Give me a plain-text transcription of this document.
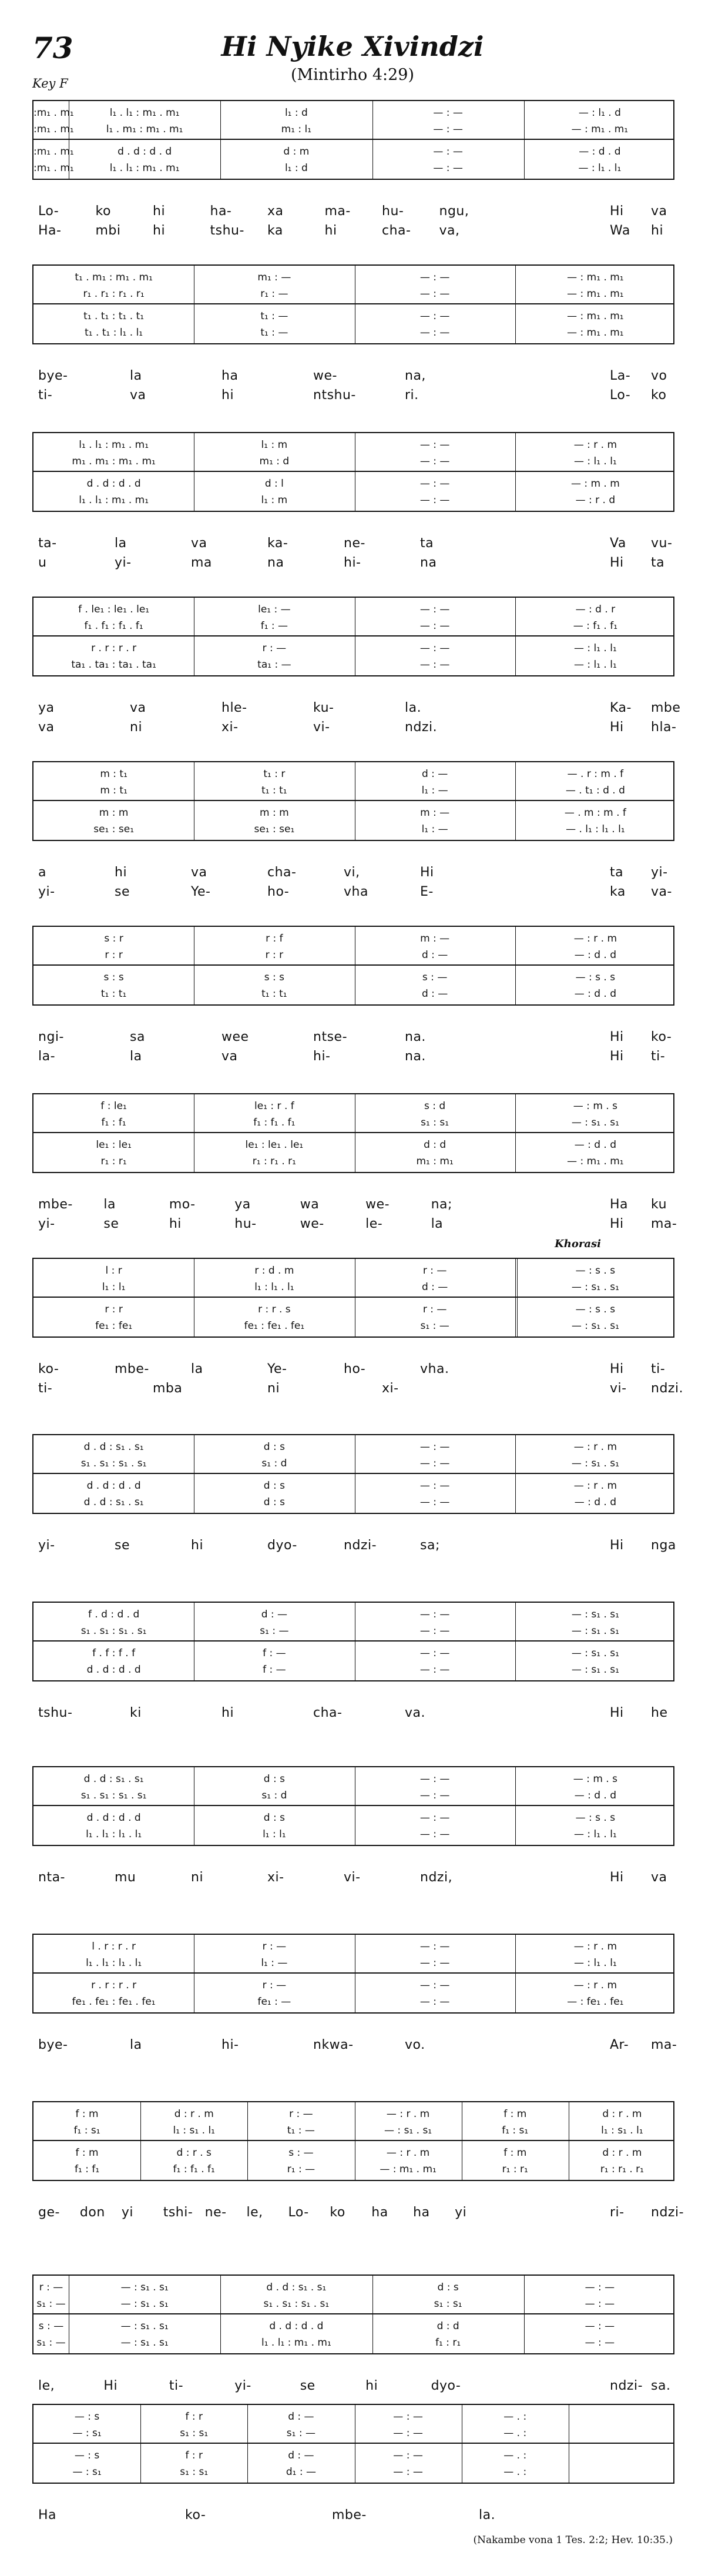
73	Hi Nyike Xivindzi
(Mintirho 4:29)
Key F
:m₁ . m₁	l₁ . l₁ : m₁ . m₁	l₁ : d	— : —	— : l₁ . d
:m₁ . m₁	l₁ . m₁ : m₁ . m₁	m₁ : l₁	— : —	— : m₁ . m₁
:m₁ . m₁	d . d : d . d	d : m	— : —	— : d . d
:m₁ . m₁	l₁ . l₁ : m₁ . m₁	l₁ : d	— : —	— : l₁ . l₁
Lo-	ko	hi	ha-	xa	ma- hu-	ngu,	Hi va
Ha-	mbi hi	tshu- ka	hi	cha- va,	Wa hi
t₁ . m₁ : m₁ . m₁	m₁ : —	— : —	— : m₁ . m₁
r₁ . r₁ : r₁ . r₁	r₁ : —	— : —	— : m₁ . m₁
t₁ . t₁ : t₁ . t₁	t₁ : —	— : —	— : m₁ . m₁
t₁ . t₁ : l₁ . l₁	t₁ : —	— : —	— : m₁ . m₁
bye-	la	ha	we-	na,	La- vo
ti-	va	hi	ntshu-	ri.	Lo- ko
l₁ . l₁ : m₁ . m₁	l₁ : m	— : —	— : r . m
m₁ . m₁ : m₁ . m₁	m₁ : d	— : —	— : l₁ . l₁
d . d : d . d	d : l	— : —	— : m . m
l₁ . l₁ : m₁ . m₁	l₁ : m	— : —	— : r . d
ta-	la	va	ka-	ne-	ta	Va vu-
u	yi-	ma	na	hi-	na	Hi ta
f . le₁ : le₁ . le₁	le₁ : —	— : —	— : d . r
f₁ . f₁ : f₁ . f₁	f₁ : —	— : —	— : f₁ . f₁
r . r : r . r	r : —	— : —	— : l₁ . l₁
ta₁ . ta₁ : ta₁ . ta₁	ta₁ : —	— : —	— : l₁ . l₁
ya	va	hle-	ku-	la.	Ka- mbe
va	ni	xi-	vi-	ndzi.	Hi hla-
m : t₁	t₁ : r	d : —	— . r : m . f
m : t₁	t₁ : t₁	l₁ : —	— . t₁ : d . d
m : m	m : m	m : —	— . m : m . f
se₁ : se₁	se₁ : se₁	l₁ : —	— . l₁ : l₁ . l₁
a	hi	va	cha-	vi,	Hi	ta yi-
yi-	se	Ye-	ho-	vha	E-	ka va-
s : r	r : f	m : —	— : r . m
r : r	r : r	d : —	— : d . d
s : s	s : s	s : —	— : s . s
t₁ : t₁	t₁ : t₁	d : —	— : d . d
ngi-	sa	wee	ntse-	na.	Hi ko-
la-	la	va	hi-	na.	Hi ti-
f : le₁	le₁ : r . f	s : d	— : m . s
f₁ : f₁	f₁ : f₁ . f₁	s₁ : s₁	— : s₁ . s₁
le₁ : le₁	le₁ : le₁ . le₁	d : d	— : d . d
r₁ : r₁	r₁ : r₁ . r₁	m₁ : m₁	— : m₁ . m₁
mbe- la	mo-	ya	wa	we-	na;	Ha ku
yi-	se	hi	hu-	we-	le-	la	Hi ma-
l : r	r : d . m	r : —	— : s . s
l₁ : l₁	l₁ : l₁ . l₁	d : —	— : s₁ . s₁
r : r	r : r . s	r : —	— : s . s
fe₁ : fe₁	fe₁ : fe₁ . fe₁	s₁ : —	— : s₁ . s₁
Khorasi
ko-	mbe-	la	Ye-	ho-	vha.	Hi ti-
ti-	mba	ni	xi-	vi- ndzi.
d . d : s₁ . s₁	d : s	— : —	— : r . m
s₁ . s₁ : s₁ . s₁	s₁ : d	— : —	— : s₁ . s₁
d . d : d . d	d : s	— : —	— : r . m
d . d : s₁ . s₁	d : s	— : —	— : d . d
yi-	se	hi	dyo-	ndzi-	sa;	Hi nga
f . d : d . d	d : —	— : —	— : s₁ . s₁
s₁ . s₁ : s₁ . s₁	s₁ : —	— : —	— : s₁ . s₁
f . f : f . f	f : —	— : —	— : s₁ . s₁
d . d : d . d	f : —	— : —	— : s₁ . s₁
tshu-	ki	hi	cha-	va.	Hi he
d . d : s₁ . s₁	d : s	— : —	— : m . s
s₁ . s₁ : s₁ . s₁	s₁ : d	— : —	— : d . d
d . d : d . d	d : s	— : —	— : s . s
l₁ . l₁ : l₁ . l₁	l₁ : l₁	— : —	— : l₁ . l₁
nta-	mu	ni	xi-	vi-	ndzi,	Hi va
l . r : r . r	r : —	— : —	— : r . m
l₁ . l₁ : l₁ . l₁	l₁ : —	— : —	— : l₁ . l₁
r . r : r . r	r : —	— : —	— : r . m
fe₁ . fe₁ : fe₁ . fe₁	fe₁ : —	— : —	— : fe₁ . fe₁
bye-	la	hi-	nkwa-	vo.	Ar- ma-
f : m	d : r . m	r : —	— : r . m	f : m	d : r . m
f₁ : s₁	l₁ : s₁ . l₁	t₁ : —	— : s₁ . s₁	f₁ : s₁	l₁ : s₁ . l₁
f : m	d : r . s	s : —	— : r . m	f : m	d : r . m
f₁ : f₁	f₁ : f₁ . f₁	r₁ : —	— : m₁ . m₁	r₁ : r₁	r₁ : r₁ . r₁
ge- don yi tshi- ne- le, Lo- ko ha ha yi	ri- ndzi-
r : —	— : s₁ . s₁	d . d : s₁ . s₁	d : s	— : —
s₁ : —	— : s₁ . s₁	s₁ . s₁ : s₁ . s₁	s₁ : s₁	— : —
s : —	— : s₁ . s₁	d . d : d . d	d : d	— : —
s₁ : —	— : s₁ . s₁	l₁ . l₁ : m₁ . m₁	f₁ : r₁	— : —
le,	Hi	ti-	yi-	se	hi	dyo-	ndzi- sa.
— : s	f : r	d : —	— : —	— . :
— : s₁	s₁ : s₁	s₁ : —	— : —	— . :
— : s	f : r	d : —	— : —	— . :
— : s₁	s₁ : s₁	d₁ : —	— : —	— . :
Ha	ko-	mbe-	la.
(Nakambe vona 1 Tes. 2:2; Hev. 10:35.)
